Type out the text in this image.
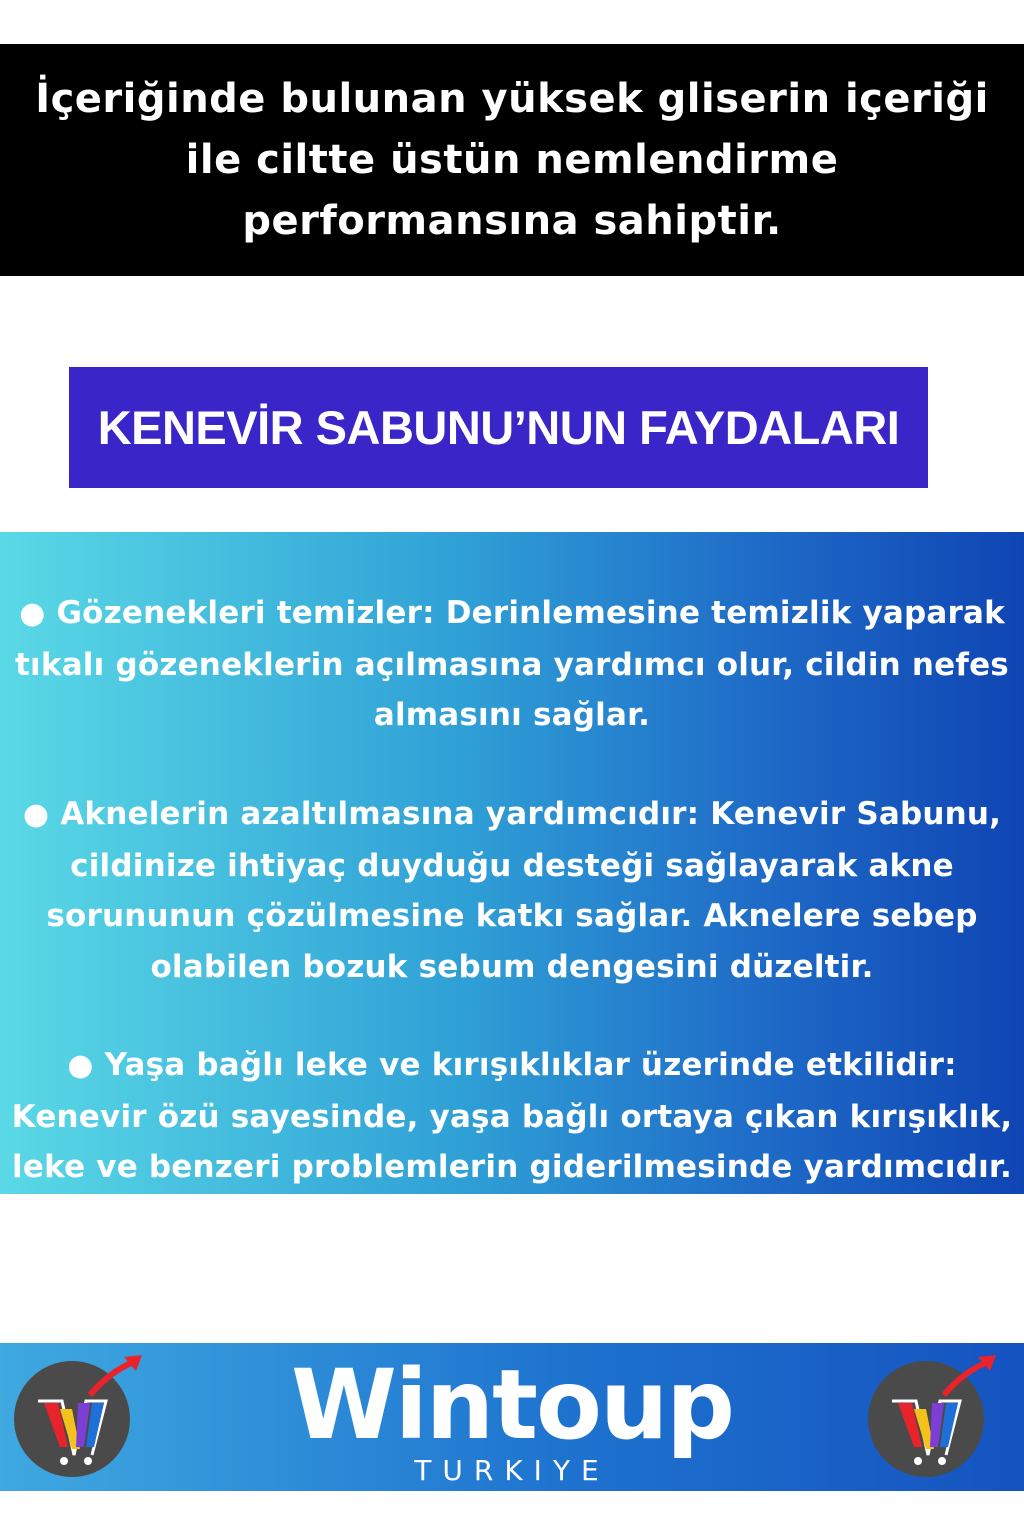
İçeriğinde bulunan yüksek gliserin içeriği
ile ciltte üstün nemlendirme
performansına sahiptir.

KENEVİR SABUNU’NUN FAYDALARI

● Gözenekleri temizler: Derinlemesine temizlik yaparak
tıkalı gözeneklerin açılmasına yardımcı olur, cildin nefes
almasını sağlar.

● Aknelerin azaltılmasına yardımcıdır: Kenevir Sabunu,
cildinize ihtiyaç duyduğu desteği sağlayarak akne
sorununun çözülmesine katkı sağlar. Aknelere sebep
olabilen bozuk sebum dengesini düzeltir.

● Yaşa bağlı leke ve kırışıklıklar üzerinde etkilidir:
Kenevir özü sayesinde, yaşa bağlı ortaya çıkan kırışıklık,
leke ve benzeri problemlerin giderilmesinde yardımcıdır.

Wintoup

TURKIYE
